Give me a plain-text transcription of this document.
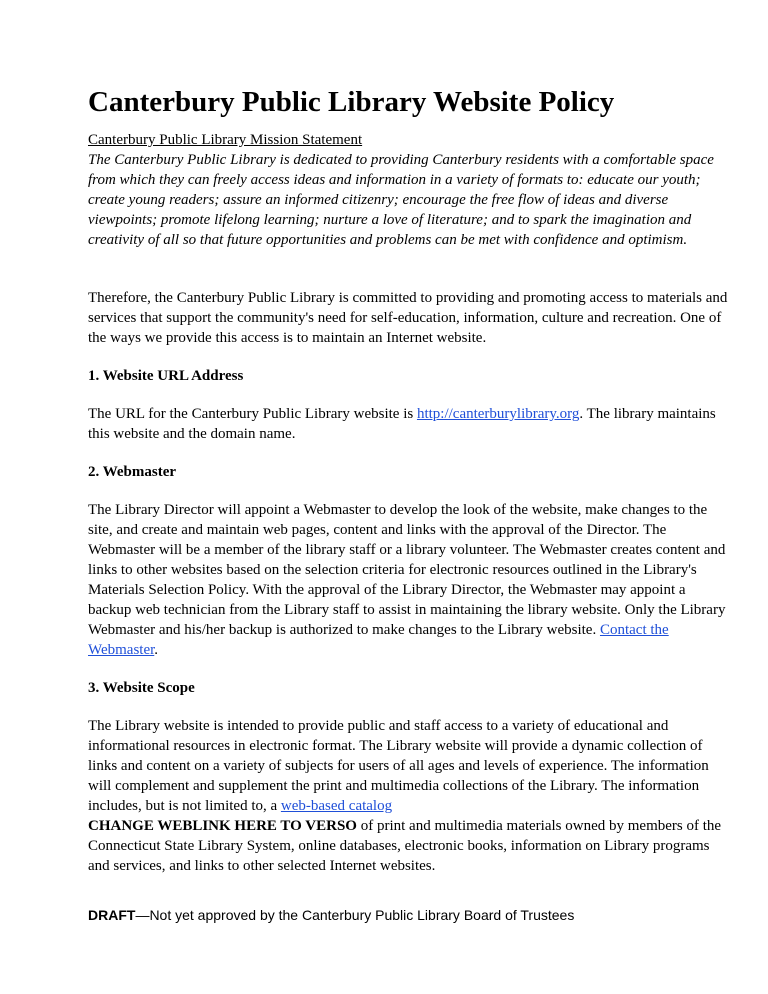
Canterbury Public Library Website Policy

Canterbury Public Library Mission Statement

The Canterbury Public Library is dedicated to providing Canterbury residents with a comfortable space from which they can freely access ideas and information in a variety of formats to: educate our youth; create young readers; assure an informed citizenry; encourage the free flow of ideas and diverse viewpoints; promote lifelong learning; nurture a love of literature; and to spark the imagination and creativity of all so that future opportunities and problems can be met with confidence and optimism.

Therefore, the Canterbury Public Library is committed to providing and promoting access to materials and services that support the community's need for self-education, information, culture and recreation. One of the ways we provide this access is to maintain an Internet website.

1. Website URL Address

The URL for the Canterbury Public Library website is http://canterburylibrary.org. The library maintains this website and the domain name.

2. Webmaster

The Library Director will appoint a Webmaster to develop the look of the website, make changes to the site, and create and maintain web pages, content and links with the approval of the Director. The Webmaster will be a member of the library staff or a library volunteer. The Webmaster creates content and links to other websites based on the selection criteria for electronic resources outlined in the Library's Materials Selection Policy. With the approval of the Library Director, the Webmaster may appoint a backup web technician from the Library staff to assist in maintaining the library website. Only the Library Webmaster and his/her backup is authorized to make changes to the Library website. Contact the Webmaster.

3. Website Scope

The Library website is intended to provide public and staff access to a variety of educational and informational resources in electronic format. The Library website will provide a dynamic collection of links and content on a variety of subjects for users of all ages and levels of experience. The information will complement and supplement the print and multimedia collections of the Library. The information includes, but is not limited to, a web-based catalog
CHANGE WEBLINK HERE TO VERSO of print and multimedia materials owned by members of the Connecticut State Library System, online databases, electronic books, information on Library programs and services, and links to other selected Internet websites.

DRAFT—Not yet approved by the Canterbury Public Library Board of Trustees
